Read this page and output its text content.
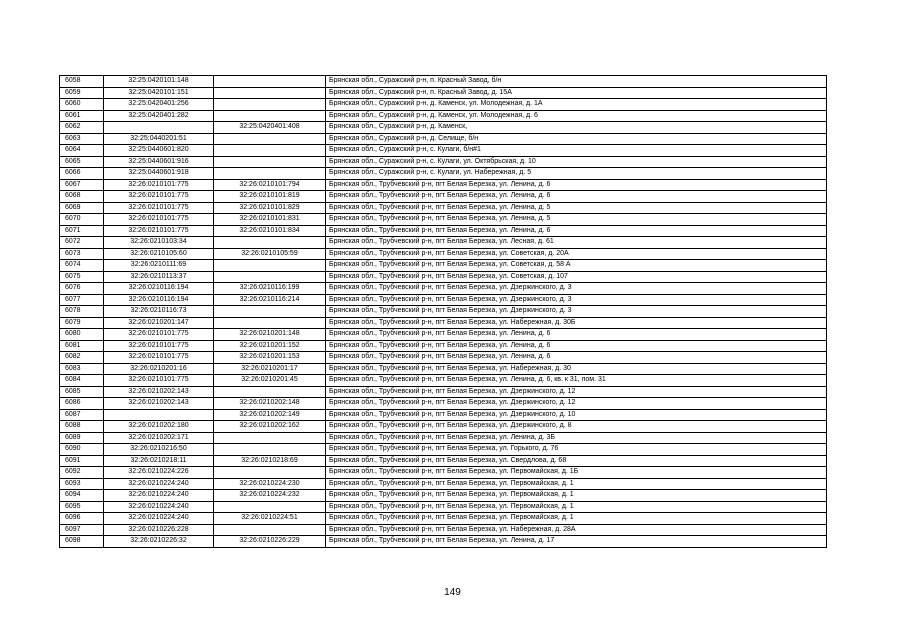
6058	32:25:0420101:148		Брянская обл., Суражский р-н, п. Красный Завод, б/н
6059	32:25:0420101:151		Брянская обл., Суражский р-н, п. Красный Завод, д. 15А
6060	32:25:0420401:256		Брянская обл., Суражский р-н, д. Каменск, ул. Молодежная, д. 1А
6061	32:25:0420401:282		Брянская обл., Суражский р-н, д. Каменск, ул. Молодежная, д. 6
6062		32:25:0420401:408	Брянская обл., Суражский р-н, д. Каменск,
6063	32:25:0440201:51		Брянская обл., Суражский р-н, д. Селище, б/н
6064	32:25:0440601:820		Брянская обл., Суражский р-н, с. Кулаги, б/н#1
6065	32:25:0440601:916		Брянская обл., Суражский р-н, с. Кулаги, ул. Октябрьская, д. 10
6066	32:25:0440601:918		Брянская обл., Суражский р-н, с. Кулаги, ул. Набережная, д. 5
6067	32:26:0210101:775	32:26:0210101:794	Брянская обл., Трубчевский р-н, пгт Белая Березка, ул. Ленина, д. 6
6068	32:26:0210101:775	32:26:0210101:819	Брянская обл., Трубчевский р-н, пгт Белая Березка, ул. Ленина, д. 6
6069	32:26:0210101:775	32:26:0210101:829	Брянская обл., Трубчевский р-н, пгт Белая Березка, ул. Ленина, д. 5
6070	32:26:0210101:775	32:26:0210101:831	Брянская обл., Трубчевский р-н, пгт Белая Березка, ул. Ленина, д. 5
6071	32:26:0210101:775	32:26:0210101:834	Брянская обл., Трубчевский р-н, пгт Белая Березка, ул. Ленина, д. 6
6072	32:26:0210103:34		Брянская обл., Трубчевский р-н, пгт Белая Березка, ул. Лесная, д. 61
6073	32:26:0210105:60	32:26:0210105:59	Брянская обл., Трубчевский р-н, пгт Белая Березка, ул. Советская, д. 20А
6074	32:26:0210111:69		Брянская обл., Трубчевский р-н, пгт Белая Березка, ул. Советская, д. 58 А
6075	32:26:0210113:37		Брянская обл., Трубчевский р-н, пгт Белая Березка, ул. Советская, д. 107
6076	32:26:0210116:194	32:26:0210116:199	Брянская обл., Трубчевский р-н, пгт Белая Березка, ул. Дзержинского, д. 3
6077	32:26:0210116:194	32:26:0210116:214	Брянская обл., Трубчевский р-н, пгт Белая Березка, ул. Дзержинского, д. 3
6078	32:26:0210116:73		Брянская обл., Трубчевский р-н, пгт Белая Березка, ул. Дзержинского, д. 3
6079	32:26:0210201:147		Брянская обл., Трубчевский р-н, пгт Белая Березка, ул. Набережная, д. 30Б
6080	32:26:0210101:775	32:26:0210201:148	Брянская обл., Трубчевский р-н, пгт Белая Березка, ул. Ленина, д. 6
6081	32:26:0210101:775	32:26:0210201:152	Брянская обл., Трубчевский р-н, пгт Белая Березка, ул. Ленина, д. 6
6082	32:26:0210101:775	32:26:0210201:153	Брянская обл., Трубчевский р-н, пгт Белая Березка, ул. Ленина, д. 6
6083	32:26:0210201:16	32:26:0210201:17	Брянская обл., Трубчевский р-н, пгт Белая Березка, ул. Набережная, д. 30
6084	32:26:0210101:775	32:26:0210201:45	Брянская обл., Трубчевский р-н, пгт Белая Березка, ул. Ленина, д. 6, кв. к 31, пом. 31
6085	32:26:0210202:143		Брянская обл., Трубчевский р-н, пгт Белая Березка, ул. Дзержинского, д. 12
6086	32:26:0210202:143	32:26:0210202:148	Брянская обл., Трубчевский р-н, пгт Белая Березка, ул. Дзержинского, д. 12
6087		32:26:0210202:149	Брянская обл., Трубчевский р-н, пгт Белая Березка, ул. Дзержинского, д. 10
6088	32:26:0210202:180	32:26:0210202:162	Брянская обл., Трубчевский р-н, пгт Белая Березка, ул. Дзержинского, д. 8
6089	32:26:0210202:171		Брянская обл., Трубчевский р-н, пгт Белая Березка, ул. Ленина, д. 3Б
6090	32:26:0210216:50		Брянская обл., Трубчевский р-н, пгт Белая Березка, ул. Горького, д. 76
6091	32:26:0210218:11	32:26:0210218:69	Брянская обл., Трубчевский р-н, пгт Белая Березка, ул. Свердлова, д. 68
6092	32:26:0210224:226		Брянская обл., Трубчевский р-н, пгт Белая Березка, ул. Первомайская, д. 1Б
6093	32:26:0210224:240	32:26:0210224:230	Брянская обл., Трубчевский р-н, пгт Белая Березка, ул. Первомайская, д. 1
6094	32:26:0210224:240	32:26:0210224:232	Брянская обл., Трубчевский р-н, пгт Белая Березка, ул. Первомайская, д. 1
6095	32:26:0210224:240		Брянская обл., Трубчевский р-н, пгт Белая Березка, ул. Первомайская, д. 1
6096	32:26:0210224:240	32:26:0210224:51	Брянская обл., Трубчевский р-н, пгт Белая Березка, ул. Первомайская, д. 1
6097	32:26:0210226:228		Брянская обл., Трубчевский р-н, пгт Белая Березка, ул. Набережная, д. 28А
6098	32:26:0210226:32	32:26:0210226:229	Брянская обл., Трубчевский р-н, пгт Белая Березка, ул. Ленина, д. 17
149
